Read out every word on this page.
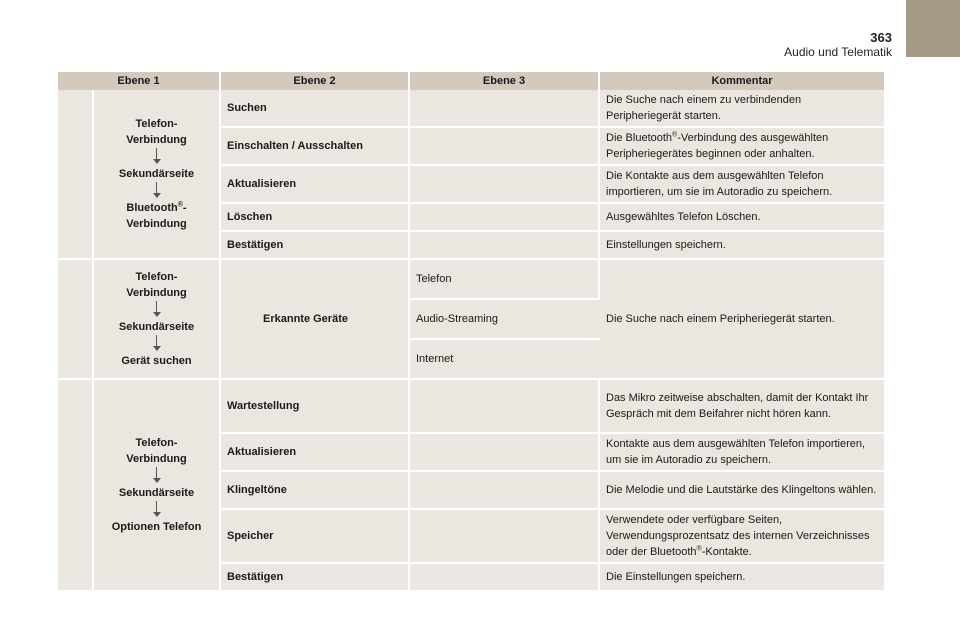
363
Audio und Telematik
Ebene 1		Ebene 2	Ebene 3	Kommentar

	Telefon-
Verbindung
Sekundärseite
Bluetooth®-
Verbindung	Suchen		Die Suche nach einem zu verbindenden Peripheriegerät starten.
		Einschalten / Ausschalten		Die Bluetooth®-Verbindung des ausgewählten Peripheriegerätes beginnen oder anhalten.
		Aktualisieren		Die Kontakte aus dem ausgewählten Telefon importieren, um sie im Autoradio zu speichern.
		Löschen		Ausgewähltes Telefon Löschen.
		Bestätigen		Einstellungen speichern.

	Telefon-
Verbindung
Sekundärseite
Gerät suchen	Erkannte Geräte	Telefon	Die Suche nach einem Peripheriegerät starten.
			Audio-Streaming	
			Internet	

	Telefon-
Verbindung
Sekundärseite
Optionen Telefon	Wartestellung		Das Mikro zeitweise abschalten, damit der Kontakt Ihr Gespräch mit dem Beifahrer nicht hören kann.
		Aktualisieren		Kontakte aus dem ausgewählten Telefon importieren, um sie im Autoradio zu speichern.
		Klingeltöne		Die Melodie und die Lautstärke des Klingeltons wählen.
		Speicher		Verwendete oder verfügbare Seiten, Verwendungsprozentsatz des internen Verzeichnisses oder der Bluetooth®-Kontakte.
		Bestätigen		Die Einstellungen speichern.
